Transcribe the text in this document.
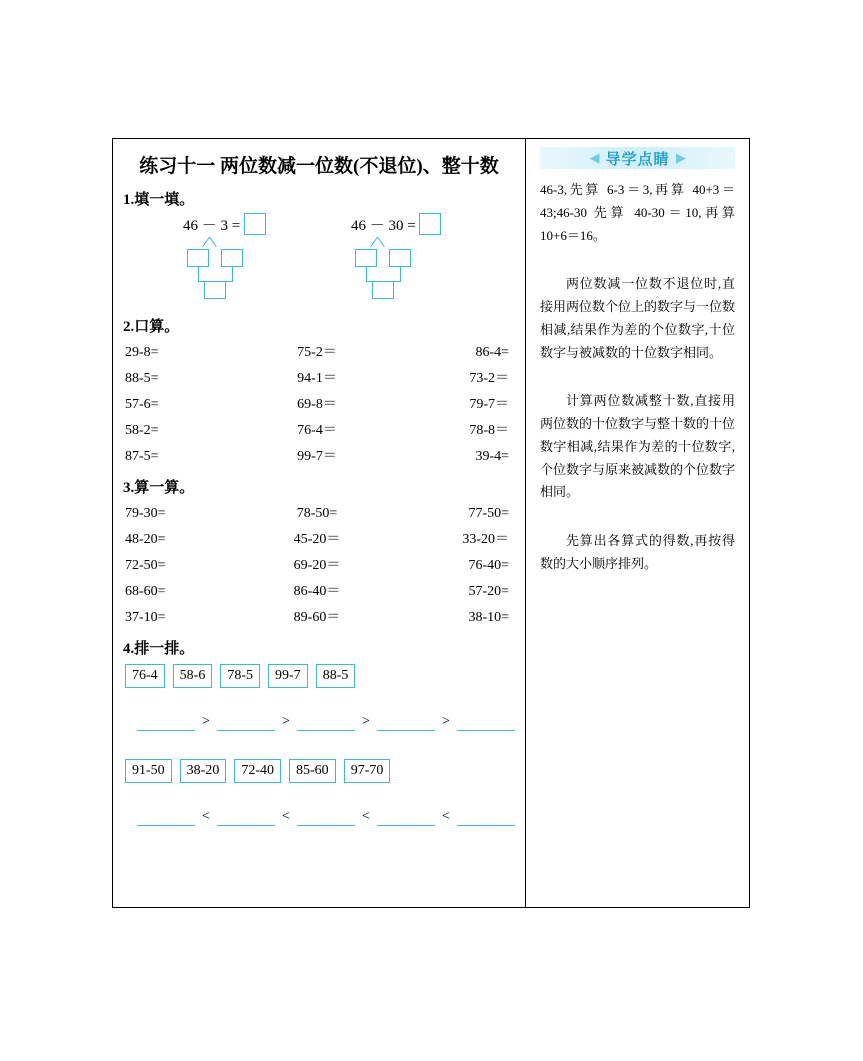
练习十一 两位数减一位数(不退位)、整十数
1.填一填。
46 － 3 =	46 － 30 =
2.口算。
29-8=	75-2＝	86-4=
88-5=	94-1＝	73-2＝
57-6=	69-8＝	79-7＝
58-2=	76-4＝	78-8＝
87-5=	99-7＝	39-4=
3.算一算。
79-30=	78-50=	77-50=
48-20=	45-20＝	33-20＝
72-50=	69-20＝	76-40=
68-60=	86-40＝	57-20=
37-10=	89-60＝	38-10=
4.排一排。
76-4	58-6	78-5	99-7	88-5
>	>	>	>
91-50	38-20	72-40	85-60	97-70
<	<	<	<
◀ 导学点睛 ◀
46-3,先算 6-3＝3,再算 40+3＝43;46-30 先算 40-30＝10,再算 10+6＝16。
两位数减一位数不退位时,直接用两位数个位上的数字与一位数相减,结果作为差的个位数字,十位数字与被减数的十位数字相同。
计算两位数减整十数,直接用两位数的十位数字与整十数的十位数字相减,结果作为差的十位数字,个位数字与原来被减数的个位数字相同。
先算出各算式的得数,再按得数的大小顺序排列。
